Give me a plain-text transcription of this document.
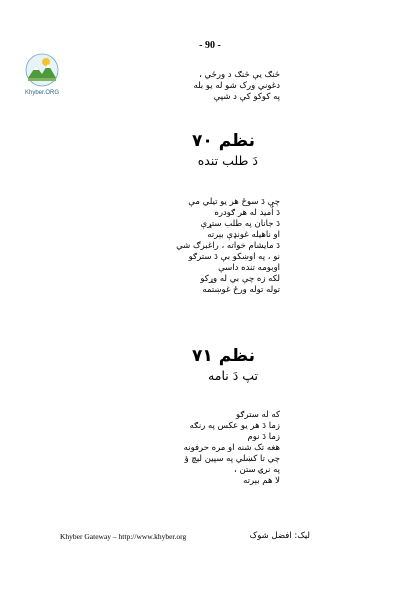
- 90 -
Khyber.ORG

څنګ يې څنګ د ورځي ،

دغوني ورک شو له يو بله

په کوکو کې د شپې

نظم ۷۰

دَ طلب تنده

چې دَ سوځ هر يو تيلي مې

دَ اُميد له هر ګودره

دَ جانان په طلب ستړې

او ناهيله غونډې بېرته

دَ مايشام خواته ، راغبرګ شي

نو ، په اوښکو بې دَ سترګو

اوبومه تنده داسې

لکه زه چې بي له وړکو

توله توله ورځ غوښتمه

نظم ۷۱

تپ دَ نامه

که له سترګو

زما دَ هر يو عکس په رنګه

زما دَ نوم

هغه تک شنه او مره حرفونه

چي تا کښلي په سپين ليچ ؤ

په نرۍ ستن ،

لا هم بېرته

Khyber Gateway – http://www.khyber.org	ليک: افضل شوک
